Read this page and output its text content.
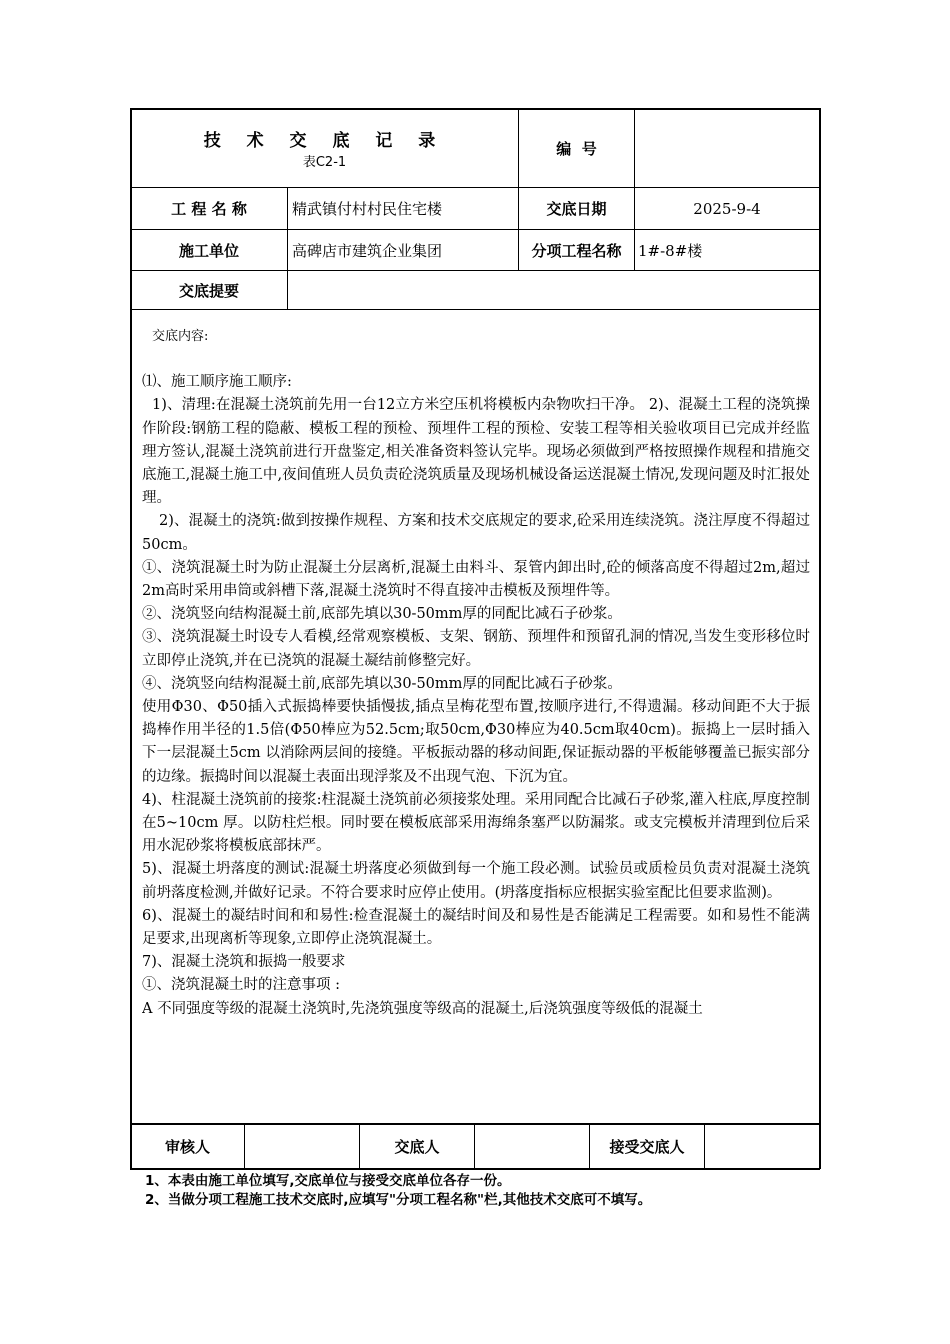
技 术 交 底 记 录
表C2-1
编  号
工 程 名 称	精武镇付村村民住宅楼	交底日期	2025-9-4
施工单位	高碑店市建筑企业集团	分项工程名称	1#-8#楼
交底提要

交底内容:

⑴、施工顺序施工顺序:

1)、清理:在混凝土浇筑前先用一台12立方米空压机将模板内杂物吹扫干净。 2)、混凝土工程的浇筑操作阶段:钢筋工程的隐蔽、模板工程的预检、预埋件工程的预检、安装工程等相关验收项目已完成并经监理方签认,混凝土浇筑前进行开盘鉴定,相关准备资料签认完毕。现场必须做到严格按照操作规程和措施交底施工,混凝土施工中,夜间值班人员负责砼浇筑质量及现场机械设备运送混凝土情况,发现问题及时汇报处理。

2)、混凝土的浇筑:做到按操作规程、方案和技术交底规定的要求,砼采用连续浇筑。浇注厚度不得超过50cm。

①、浇筑混凝土时为防止混凝土分层离析,混凝土由料斗、泵管内卸出时,砼的倾落高度不得超过2m,超过2m高时采用串筒或斜槽下落,混凝土浇筑时不得直接冲击模板及预埋件等。

②、浇筑竖向结构混凝土前,底部先填以30-50mm厚的同配比减石子砂浆。

③、浇筑混凝土时设专人看模,经常观察模板、支架、钢筋、预埋件和预留孔洞的情况,当发生变形移位时立即停止浇筑,并在已浇筑的混凝土凝结前修整完好。

④、浇筑竖向结构混凝土前,底部先填以30-50mm厚的同配比减石子砂浆。

使用Φ30、Φ50插入式振捣棒要快插慢拔,插点呈梅花型布置,按顺序进行,不得遗漏。移动间距不大于振捣棒作用半径的1.5倍(Φ50棒应为52.5cm;取50cm,Φ30棒应为40.5cm取40cm)。振捣上一层时插入下一层混凝土5cm 以消除两层间的接缝。平板振动器的移动间距,保证振动器的平板能够覆盖已振实部分的边缘。振捣时间以混凝土表面出现浮浆及不出现气泡、下沉为宜。

4)、柱混凝土浇筑前的接浆:柱混凝土浇筑前必须接浆处理。采用同配合比减石子砂浆,灌入柱底,厚度控制在5~10cm 厚。以防柱烂根。同时要在模板底部采用海绵条塞严以防漏浆。或支完模板并清理到位后采用水泥砂浆将模板底部抹严。

5)、混凝土坍落度的测试:混凝土坍落度必须做到每一个施工段必测。试验员或质检员负责对混凝土浇筑前坍落度检测,并做好记录。不符合要求时应停止使用。(坍落度指标应根据实验室配比但要求监测)。

6)、混凝土的凝结时间和和易性:检查混凝土的凝结时间及和易性是否能满足工程需要。如和易性不能满足要求,出现离析等现象,立即停止浇筑混凝土。

7)、混凝土浇筑和振捣一般要求

①、浇筑混凝土时的注意事项 :

A 不同强度等级的混凝土浇筑时,先浇筑强度等级高的混凝土,后浇筑强度等级低的混凝土

审核人	交底人	接受交底人
1、本表由施工单位填写,交底单位与接受交底单位各存一份。
2、当做分项工程施工技术交底时,应填写"分项工程名称"栏,其他技术交底可不填写。
